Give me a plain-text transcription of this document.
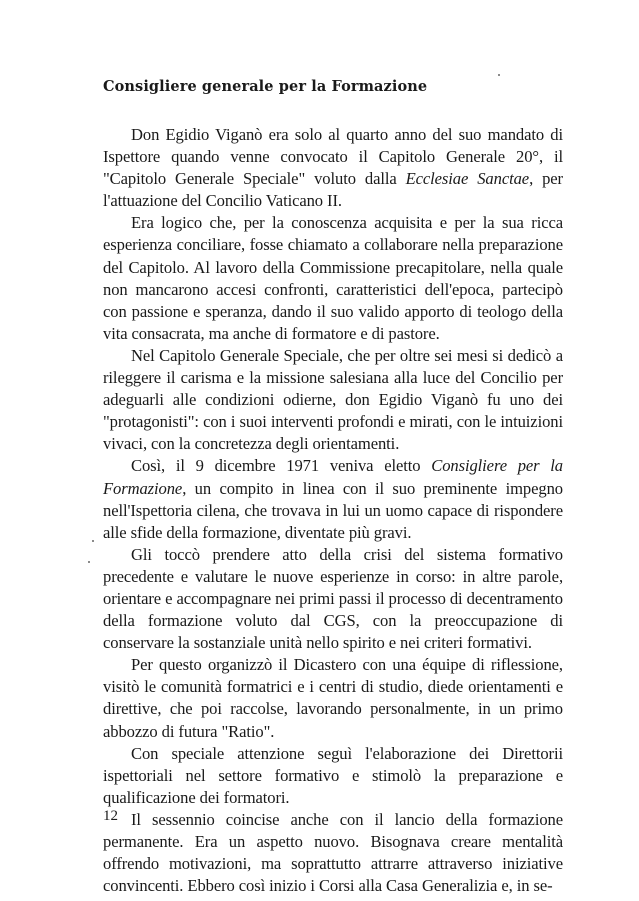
Consigliere generale per la Formazione

Don Egidio Viganò era solo al quarto anno del suo mandato di Ispettore quando venne convocato il Capitolo Generale 20°, il "Capitolo Generale Speciale" voluto dalla Ecclesiae Sanctae, per l'attuazione del Concilio Vaticano II.

Era logico che, per la conoscenza acquisita e per la sua ricca esperienza conciliare, fosse chiamato a collaborare nella preparazione del Capitolo. Al lavoro della Commissione precapitolare, nella quale non mancarono accesi confronti, caratteristici dell'epoca, partecipò con passione e speranza, dando il suo valido apporto di teologo della vita consacrata, ma anche di formatore e di pastore.

Nel Capitolo Generale Speciale, che per oltre sei mesi si dedicò a rileggere il carisma e la missione salesiana alla luce del Concilio per adeguarli alle condizioni odierne, don Egidio Viganò fu uno dei "protagonisti": con i suoi interventi profondi e mirati, con le intuizioni vivaci, con la concretezza degli orientamenti.

Così, il 9 dicembre 1971 veniva eletto Consigliere per la Formazione, un compito in linea con il suo preminente impegno nell'Ispettoria cilena, che trovava in lui un uomo capace di rispondere alle sfide della formazione, diventate più gravi.

Gli toccò prendere atto della crisi del sistema formativo precedente e valutare le nuove esperienze in corso: in altre parole, orientare e accompagnare nei primi passi il processo di decentramento della formazione voluto dal CGS, con la preoccupazione di conservare la sostanziale unità nello spirito e nei criteri formativi.

Per questo organizzò il Dicastero con una équipe di riflessione, visitò le comunità formatrici e i centri di studio, diede orientamenti e direttive, che poi raccolse, lavorando personalmente, in un primo abbozzo di futura "Ratio".

Con speciale attenzione seguì l'elaborazione dei Direttorii ispettoriali nel settore formativo e stimolò la preparazione e qualificazione dei formatori.

Il sessennio coincise anche con il lancio della formazione permanente. Era un aspetto nuovo. Bisognava creare mentalità offrendo motivazioni, ma soprattutto attrarre attraverso iniziative convincenti. Ebbero così inizio i Corsi alla Casa Generalizia e, in se-

12
